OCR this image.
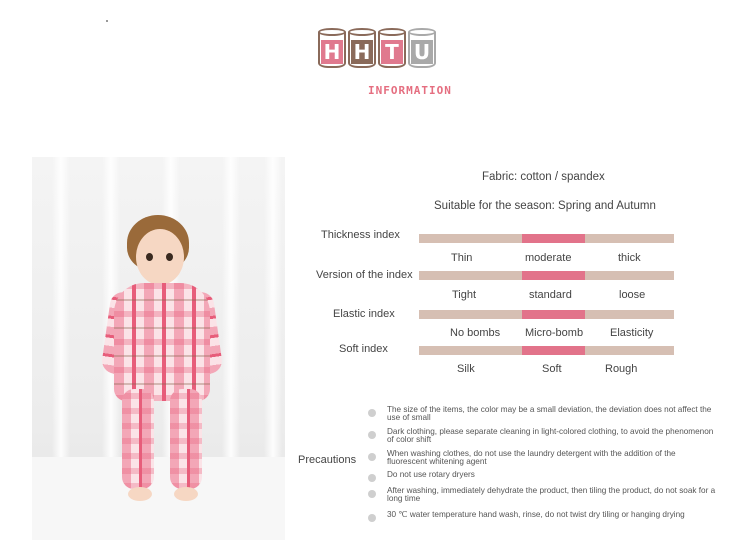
H H T U
INFORMATION
Fabric: cotton / spandex
Suitable for the season: Spring and Autumn
Thickness index
Thin	moderate	thick
Version of the index
Tight	standard	loose
Elastic index
No bombs Micro-bomb Elasticity
Soft index
Silk	Soft	Rough
Precautions
The size of the items, the color may be a small deviation, the deviation does not affect the use of small
Dark clothing, please separate cleaning in light-colored clothing, to avoid the phenomenon of color shift
When washing clothes, do not use the laundry detergent with the addition of the fluorescent whitening agent
Do not use rotary dryers
After washing, immediately dehydrate the product, then tiling the product, do not soak for a long time
30 ℃ water temperature hand wash, rinse, do not twist dry tiling or hanging drying
